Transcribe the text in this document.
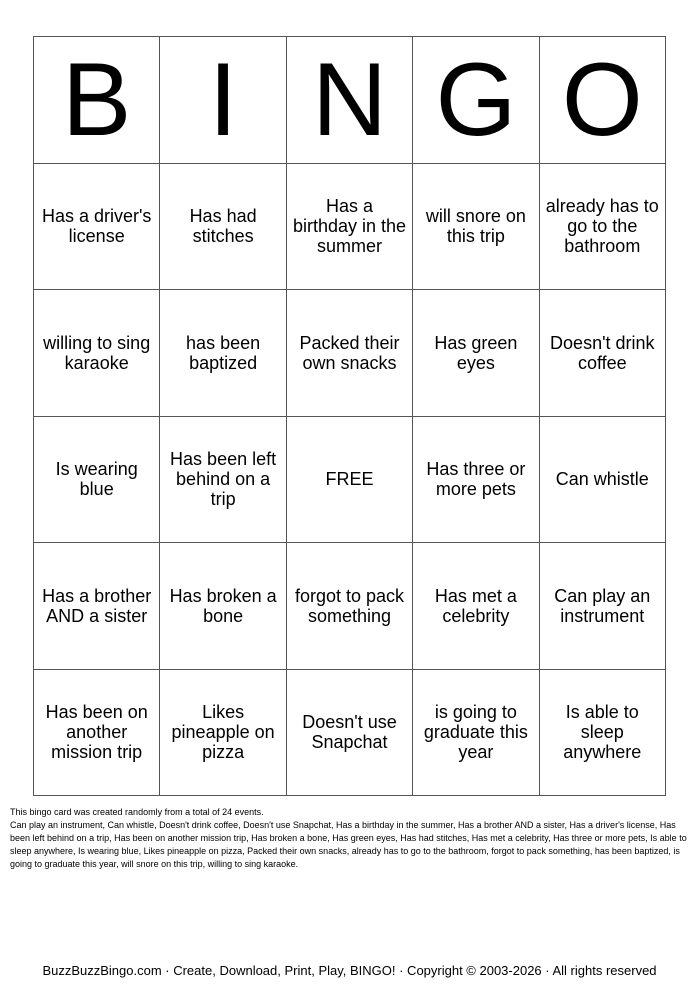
B I N G O
Has a driver's license
Has had stitches
Has a birthday in the summer
will snore on this trip
already has to go to the bathroom
willing to sing karaoke
has been baptized
Packed their own snacks
Has green eyes
Doesn't drink coffee
Is wearing blue
Has been left behind on a trip
FREE	Has three or more pets	Can whistle
Has a brother AND a sister
Has broken a bone
forgot to pack something
Has met a celebrity
Can play an instrument
Has been on another mission trip
Likes pineapple on pizza
Doesn't use Snapchat
is going to graduate this year
Is able to sleep anywhere

This bingo card was created randomly from a total of 24 events.

Can play an instrument, Can whistle, Doesn't drink coffee, Doesn't use Snapchat, Has a birthday in the summer, Has a brother AND a sister, Has a driver's license, Has been left behind on a trip, Has been on another mission trip, Has broken a bone, Has green eyes, Has had stitches, Has met a celebrity, Has three or more pets, Is able to sleep anywhere, Is wearing blue, Likes pineapple on pizza, Packed their own snacks, already has to go to the bathroom, forgot to pack something, has been baptized, is going to graduate this year, will snore on this trip, willing to sing karaoke.

BuzzBuzzBingo.com · Create, Download, Print, Play, BINGO! · Copyright © 2003-2026 · All rights reserved
